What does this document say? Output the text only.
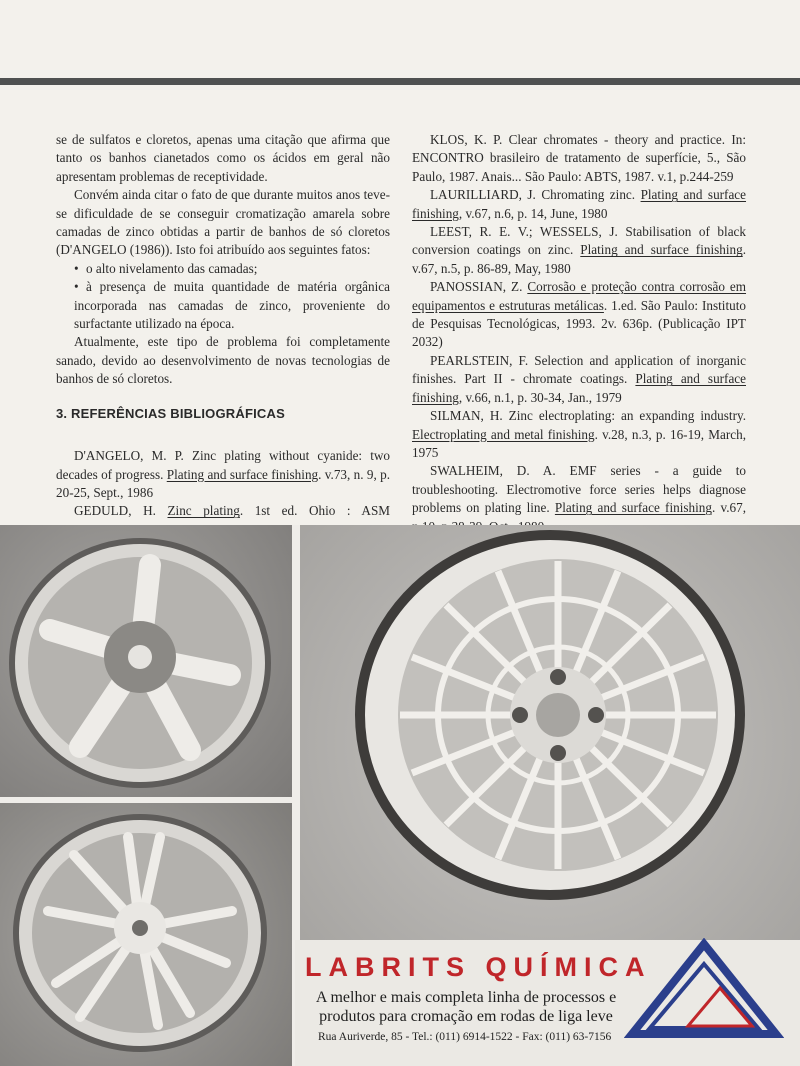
se de sulfatos e cloretos, apenas uma citação que afirma que tanto os banhos cianetados como os ácidos em geral não apresentam problemas de receptividade.

Convém ainda citar o fato de que durante muitos anos teve-se dificuldade de se conseguir cromatização amarela sobre camadas de zinco obtidas a partir de banhos de só cloretos (D'ANGELO (1986)). Isto foi atribuído aos seguintes fatos:

• o alto nivelamento das camadas;

• à presença de muita quantidade de matéria orgânica incorporada nas camadas de zinco, proveniente do surfactante utilizado na época.

Atualmente, este tipo de problema foi completamente sanado, devido ao desenvolvimento de novas tecnologias de banhos de só cloretos.

3. REFERÊNCIAS BIBLIOGRÁFICAS

D'ANGELO, M. P. Zinc plating without cyanide: two decades of progress. Plating and surface finishing. v.73, n. 9, p. 20-25, Sept., 1986

GEDULD, H. Zinc plating. 1st ed. Ohio : ASM

KLOS, K. P. Clear chromates - theory and practice. In: ENCONTRO brasileiro de tratamento de superfície, 5., São Paulo, 1987. Anais... São Paulo: ABTS, 1987. v.1, p.244-259

LAURILLIARD, J. Chromating zinc. Plating and surface finishing, v.67, n.6, p. 14, June, 1980

LEEST, R. E. V.; WESSELS, J. Stabilisation of black conversion coatings on zinc. Plating and surface finishing. v.67, n.5, p. 86-89, May, 1980

PANOSSIAN, Z. Corrosão e proteção contra corrosão em equipamentos e estruturas metálicas. 1.ed. São Paulo: Instituto de Pesquisas Tecnológicas, 1993. 2v. 636p. (Publicação IPT 2032)

PEARLSTEIN, F. Selection and application of inorganic finishes. Part II - chromate coatings. Plating and surface finishing, v.66, n.1, p. 30-34, Jan., 1979

SILMAN, H. Zinc electroplating: an expanding industry. Electroplating and metal finishing. v.28, n.3, p. 16-19, March, 1975

SWALHEIM, D. A. EMF series - a guide to troubleshooting. Electromotive force series helps diagnose problems on plating line. Plating and surface finishing. v.67,

LABRITS QUÍMICA
A melhor e mais completa linha de processos e
produtos para cromação em rodas de liga leve
Rua Auriverde, 85 - Tel.: (011) 6914-1522 - Fax: (011) 63-7156
